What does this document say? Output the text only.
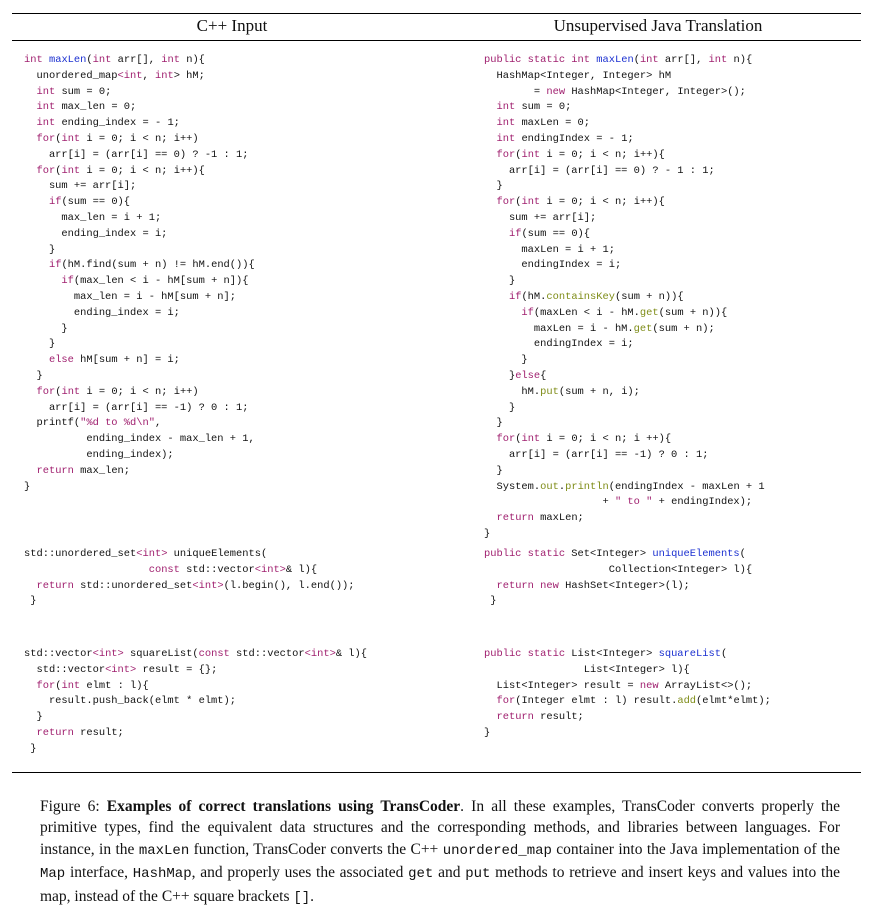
C++ Input	Unsupervised Java Translation
int maxLen(int arr[], int n){
unordered_map<int, int> hM;
int sum = 0;
int max_len = 0;
int ending_index = - 1;
for(int i = 0; i < n; i++)
arr[i] = (arr[i] == 0) ? -1 : 1;
for(int i = 0; i < n; i++){
sum += arr[i];
if(sum == 0){
max_len = i + 1;
ending_index = i;
}
if(hM.find(sum + n) != hM.end()){
if(max_len < i - hM[sum + n]){
max_len = i - hM[sum + n];
ending_index = i;
}
}
else hM[sum + n] = i;
}
for(int i = 0; i < n; i++)
arr[i] = (arr[i] == -1) ? 0 : 1;
printf("%d to %d\n",
ending_index - max_len + 1,
ending_index);
return max_len;
}
public static int maxLen(int arr[], int n){
HashMap<Integer, Integer> hM
= new HashMap<Integer, Integer>();
int sum = 0;
int maxLen = 0;
int endingIndex = - 1;
for(int i = 0; i < n; i++){
arr[i] = (arr[i] == 0) ? - 1 : 1;
}
for(int i = 0; i < n; i++){
sum += arr[i];
if(sum == 0){
maxLen = i + 1;
endingIndex = i;
}
if(hM.containsKey(sum + n)){
if(maxLen < i - hM.get(sum + n)){
maxLen = i - hM.get(sum + n);
endingIndex = i;
}
}else{
hM.put(sum + n, i);
}
}
for(int i = 0; i < n; i ++){
arr[i] = (arr[i] == -1) ? 0 : 1;
}
System.out.println(endingIndex - maxLen + 1
+ " to " + endingIndex);
return maxLen;
}
std::unordered_set<int> uniqueElements(
const std::vector<int>& l){
return std::unordered_set<int>(l.begin(), l.end());
}
public static Set<Integer> uniqueElements(
Collection<Integer> l){
return new HashSet<Integer>(l);
}
std::vector<int> squareList(const std::vector<int>& l){
std::vector<int> result = {};
for(int elmt : l){
result.push_back(elmt * elmt);
}
return result;
}
public static List<Integer> squareList(
List<Integer> l){
List<Integer> result = new ArrayList<>();
for(Integer elmt : l) result.add(elmt*elmt);
return result;
}
Figure 6: Examples of correct translations using TransCoder. In all these examples, TransCoder converts properly the primitive types, find the equivalent data structures and the corresponding methods, and libraries between languages. For instance, in the maxLen function, TransCoder converts the C++ unordered_map container into the Java implementation of the Map interface, HashMap, and properly uses the associated get and put methods to retrieve and insert keys and values into the map, instead of the C++ square brackets [].
